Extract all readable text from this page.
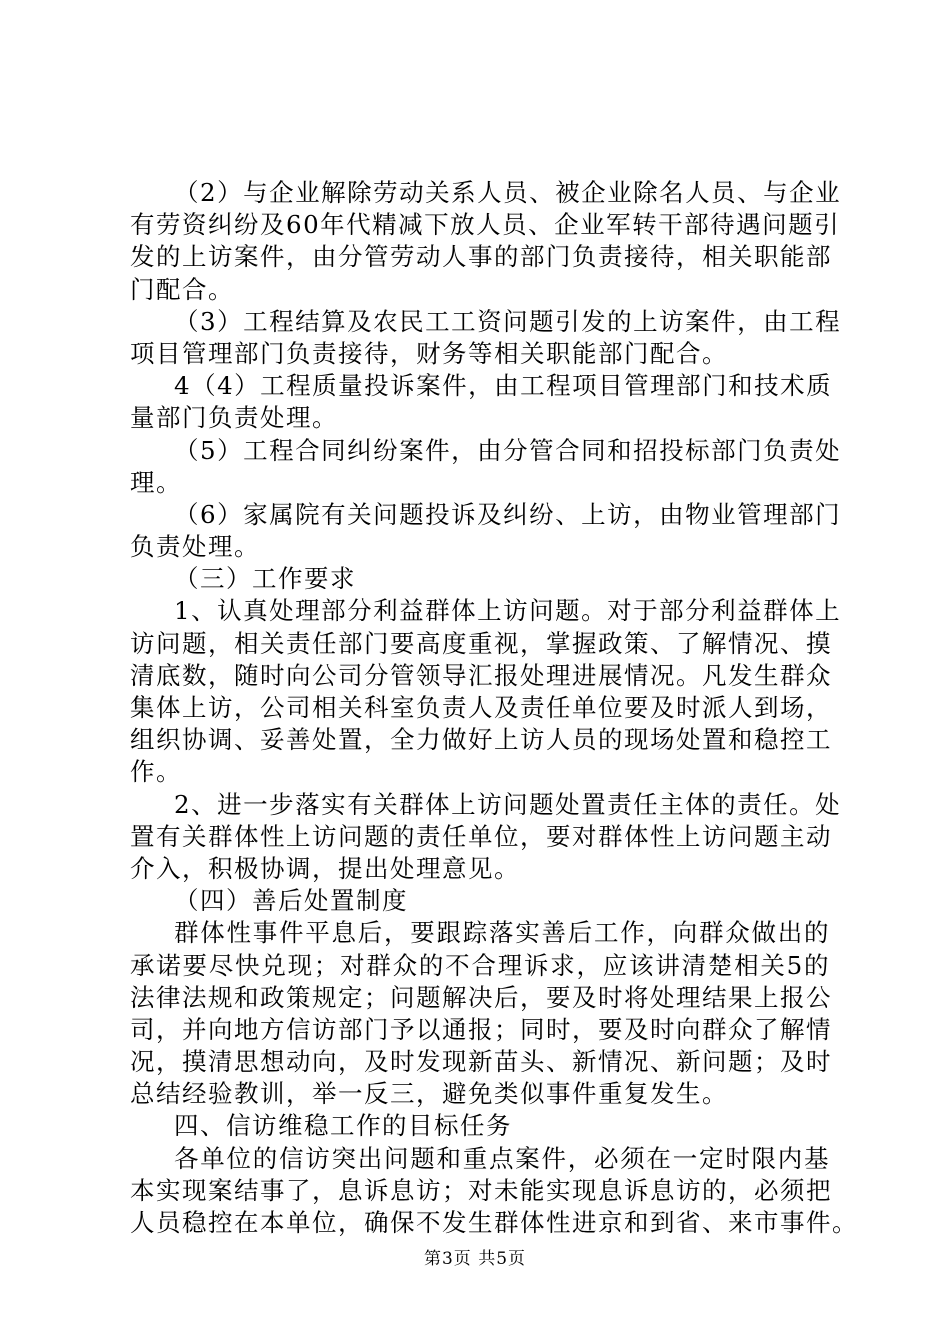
（2）与企业解除劳动关系人员、被企业除名人员、与企业
有劳资纠纷及60年代精减下放人员、企业军转干部待遇问题引
发的上访案件，由分管劳动人事的部门负责接待，相关职能部
门配合。
（3）工程结算及农民工工资问题引发的上访案件，由工程
项目管理部门负责接待，财务等相关职能部门配合。
4（4）工程质量投诉案件，由工程项目管理部门和技术质
量部门负责处理。
（5）工程合同纠纷案件，由分管合同和招投标部门负责处
理。
（6）家属院有关问题投诉及纠纷、上访，由物业管理部门
负责处理。
（三）工作要求
1、认真处理部分利益群体上访问题。对于部分利益群体上
访问题，相关责任部门要高度重视，掌握政策、了解情况、摸
清底数，随时向公司分管领导汇报处理进展情况。凡发生群众
集体上访，公司相关科室负责人及责任单位要及时派人到场，
组织协调、妥善处置，全力做好上访人员的现场处置和稳控工
作。
2、进一步落实有关群体上访问题处置责任主体的责任。处
置有关群体性上访问题的责任单位，要对群体性上访问题主动
介入，积极协调，提出处理意见。
（四）善后处置制度
群体性事件平息后，要跟踪落实善后工作，向群众做出的
承诺要尽快兑现；对群众的不合理诉求，应该讲清楚相关5的
法律法规和政策规定；问题解决后，要及时将处理结果上报公
司，并向地方信访部门予以通报；同时，要及时向群众了解情
况，摸清思想动向，及时发现新苗头、新情况、新问题；及时
总结经验教训，举一反三，避免类似事件重复发生。
四、信访维稳工作的目标任务
各单位的信访突出问题和重点案件，必须在一定时限内基
本实现案结事了，息诉息访；对未能实现息诉息访的，必须把
人员稳控在本单位，确保不发生群体性进京和到省、来市事件。
第3页 共5页
